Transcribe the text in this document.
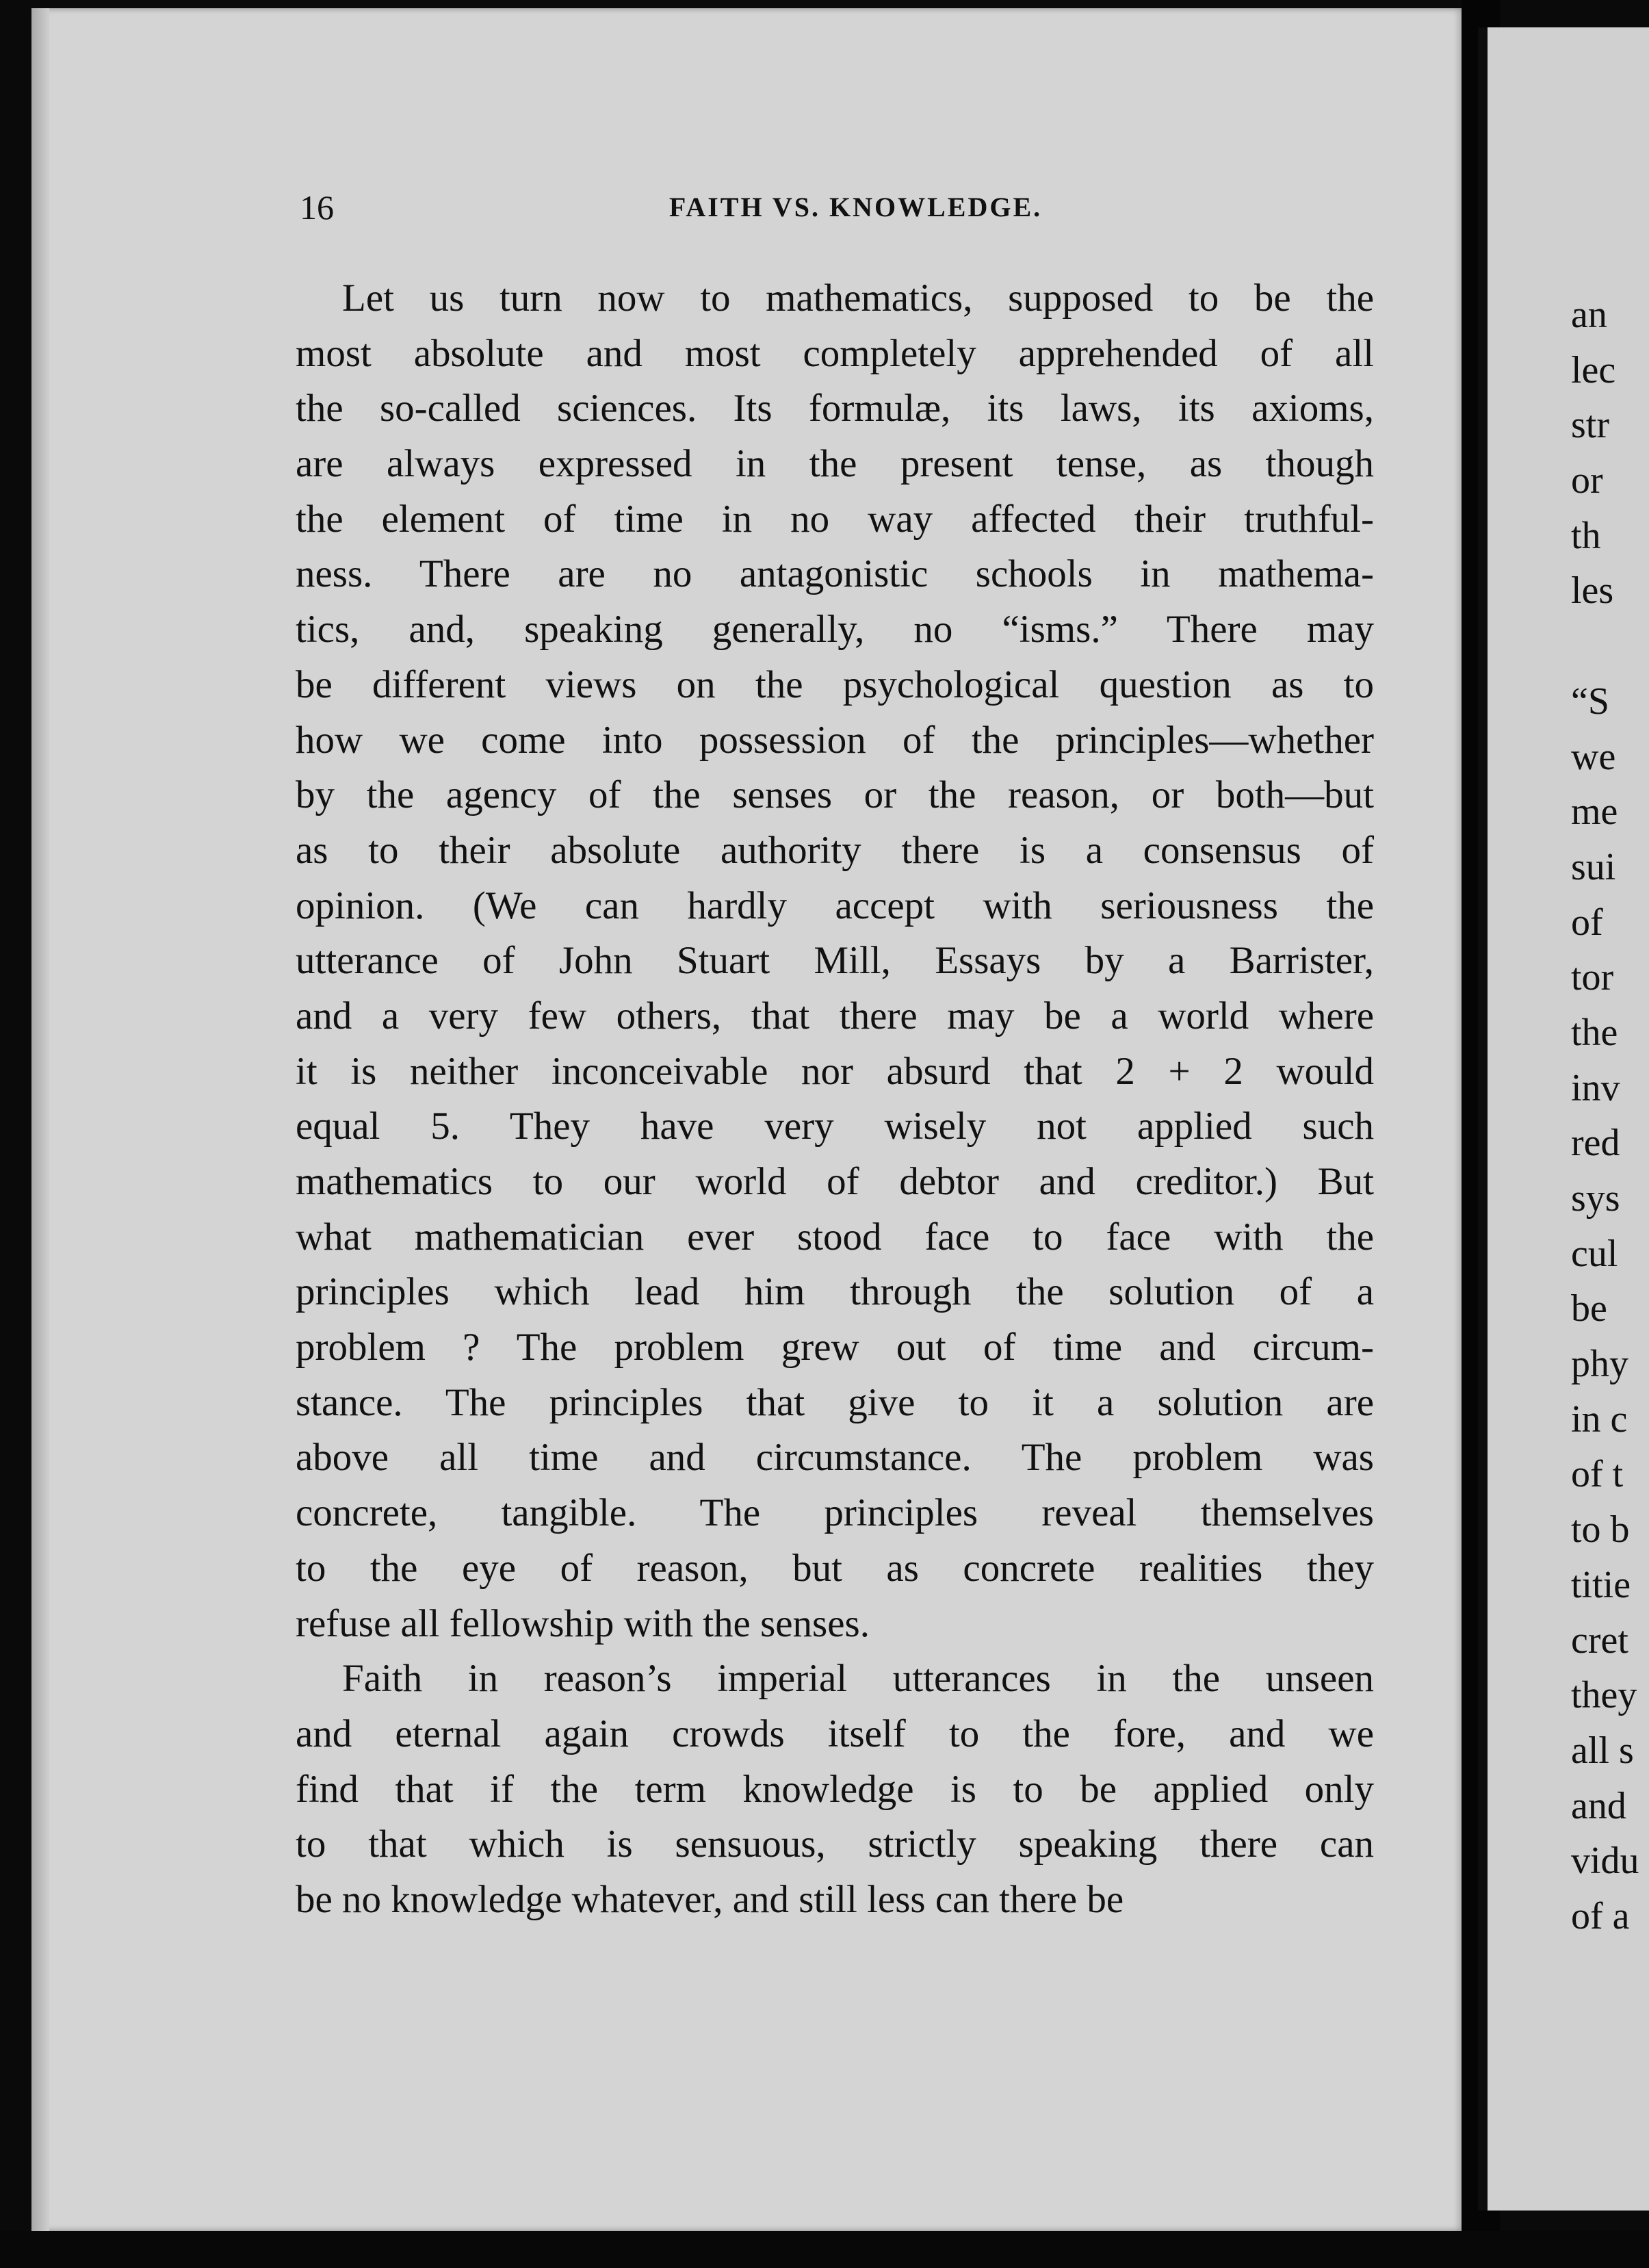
16	FAITH VS. KNOWLEDGE.
Let us turn now to mathematics, supposed to be the
most absolute and most completely apprehended of all
the so-called sciences. Its formulæ, its laws, its axioms,
are always expressed in the present tense, as though
the element of time in no way affected their truthful-
ness. There are no antagonistic schools in mathema-
tics, and, speaking generally, no “isms.” There may
be different views on the psychological question as to
how we come into possession of the principles—whether
by the agency of the senses or the reason, or both—but
as to their absolute authority there is a consensus of
opinion. (We can hardly accept with seriousness the
utterance of John Stuart Mill, Essays by a Barrister,
and a very few others, that there may be a world where
it is neither inconceivable nor absurd that 2 + 2 would
equal 5. They have very wisely not applied such
mathematics to our world of debtor and creditor.) But
what mathematician ever stood face to face with the
principles which lead him through the solution of a
problem ? The problem grew out of time and circum-
stance. The principles that give to it a solution are
above all time and circumstance. The problem was
concrete, tangible. The principles reveal themselves
to the eye of reason, but as concrete realities they
refuse all fellowship with the senses.
Faith in reason’s imperial utterances in the unseen
and eternal again crowds itself to the fore, and we
find that if the term knowledge is to be applied only
to that which is sensuous, strictly speaking there can
be no knowledge whatever, and still less can there be
an
lec
str
or
th
les
“S
we
me
sui
of
tor
the
inv
red
sys
cul
be
phy
in c
of t
to b
titie
cret
they
all s
and
vidu
of a
